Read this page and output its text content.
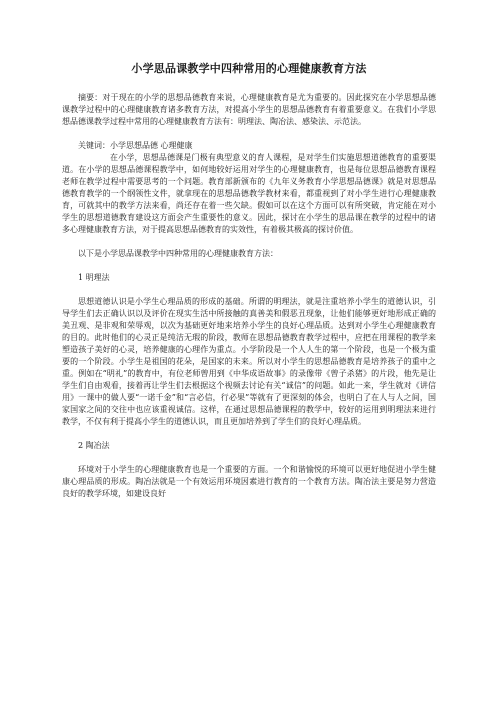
小学思品课教学中四种常用的心理健康教育方法

摘要：对于现在的小学的思想品德教育来说，心理健康教育是尤为重要的。因此探究在小学思想品德课教学过程中的心理健康教育诸多教育方法，对提高小学生的思想品德教育有着重要意义。在我们小学思想品德课教学过程中常用的心理健康教育方法有：明理法、陶冶法、感染法、示范法。

关键词：小学思想品德 心理健康

在小学，思想品德课是门极有典型意义的育人课程，是对学生们实施思想道德教育的重要渠道。在小学的思想品德课程教学中，如何地较好运用对学生的心理健康教育，也是每位思想品德教育课程老师在教学过程中需要思考的一个问题。教育部新颁布的《九年义务教育小学思想品德课》就是对思想品德教育教学的一个纲领性文件，就拿现在的思想品德教学教材来看，都重视到了对小学生进行心理健康教育，可就其中的教学方法来看，尚还存在着一些欠缺。假如可以在这个方面可以有所突破，肯定能在对小学生的思想道德教育建设这方面会产生重要性的意义。因此，探讨在小学生的思品课在教学的过程中的诸多心理健康教育方法，对于提高思想品德教育的实效性，有着极其极高的探讨价值。

以下是小学思品课教学中四种常用的心理健康教育方法：

1 明理法

思想道德认识是小学生心理品质的形成的基础。所谓的明理法，就是注重培养小学生的道德认识，引导学生们去正确认识以及评价在现实生活中所接触的真善美和假恶丑现象，让他们能够更好地形成正确的美丑观、是非观和荣辱观，以次为基础更好地来培养小学生的良好心理品质。达到对小学生心理健康教育的目的。此时他们的心灵正是纯洁无瑕的阶段，教师在思想品德教育教学过程中，应把在用课程的教学来塑造孩子美好的心灵，培养健康的心理作为重点。小学阶段是一个人人生的第一个阶段，也是一个极为重要的一个阶段。小学生是祖国的花朵，是国家的未来。所以对小学生的思想品德教育是培养孩子的重中之重。例如在“明礼”的教育中，有位老师曾用到《中华成语故事》的录像带《曾子杀猪》的片段，他先是让学生们自由观看，接着再让学生们去根据这个视频去讨论有关“诚信”的问题。如此一来，学生就对《讲信用》一课中的做人要“一诺千金”和“言必信，行必果”等就有了更深刻的体会，也明白了在人与人之间，国家国家之间的交往中也应该重视诚信。这样，在通过思想品德课程的教学中，较好的运用到明理法来进行教学，不仅有利于提高小学生的道德认识，而且更加培养到了学生们的良好心理品质。

2 陶冶法

环境对于小学生的心理健康教育也是一个重要的方面。一个和谐愉悦的环境可以更好地促进小学生健康心理品质的形成。陶冶法就是一个有效运用环境因素进行教育的一个教育方法。陶冶法主要是努力营造良好的教学环境，如建设良好
